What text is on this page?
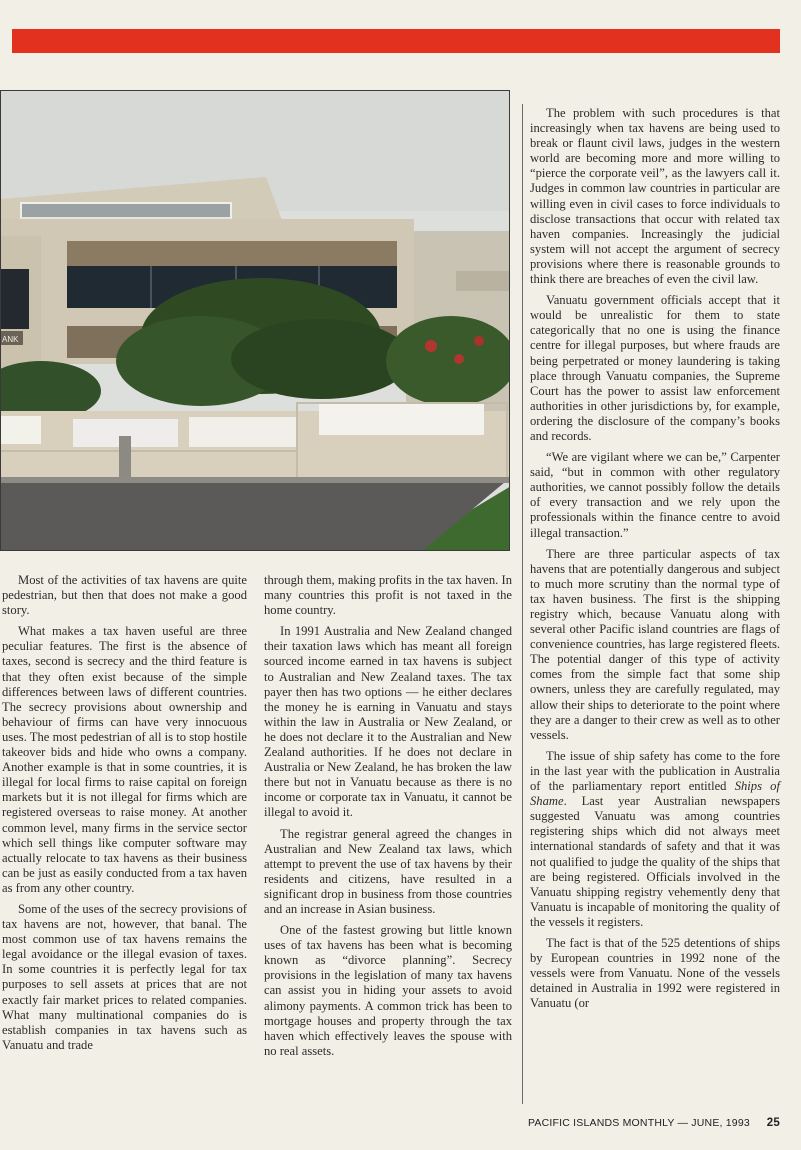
ANK

Most of the activities of tax havens are quite pedestrian, but then that does not make a good story.

What makes a tax haven useful are three peculiar features. The first is the absence of taxes, second is secrecy and the third feature is that they often exist because of the simple differences between laws of different countries. The secrecy provisions about ownership and behaviour of firms can have very innocuous uses. The most pedestrian of all is to stop hostile takeover bids and hide who owns a company. Another example is that in some countries, it is illegal for local firms to raise capital on foreign markets but it is not illegal for firms which are registered overseas to raise money. At another common level, many firms in the service sector which sell things like computer software may actually relocate to tax havens as their business can be just as easily conducted from a tax haven as from any other country.

Some of the uses of the secrecy provisions of tax havens are not, however, that banal. The most common use of tax havens remains the legal avoidance or the illegal evasion of taxes. In some countries it is perfectly legal for tax purposes to sell assets at prices that are not exactly fair market prices to related companies. What many multinational companies do is establish companies in tax havens such as Vanuatu and trade

through them, making profits in the tax haven. In many countries this profit is not taxed in the home country.

In 1991 Australia and New Zealand changed their taxation laws which has meant all foreign sourced income earned in tax havens is subject to Australian and New Zealand taxes. The tax payer then has two options — he either declares the money he is earning in Vanuatu and stays within the law in Australia or New Zealand, or he does not declare it to the Australian and New Zealand authorities. If he does not declare in Australia or New Zealand, he has broken the law there but not in Vanuatu because as there is no income or corporate tax in Vanuatu, it cannot be illegal to avoid it.

The registrar general agreed the changes in Australian and New Zealand tax laws, which attempt to prevent the use of tax havens by their residents and citizens, have resulted in a significant drop in business from those countries and an increase in Asian business.

One of the fastest growing but little known uses of tax havens has been what is becoming known as “divorce planning”. Secrecy provisions in the legislation of many tax havens can assist you in hiding your assets to avoid alimony payments. A common trick has been to mortgage houses and property through the tax haven which effectively leaves the spouse with no real assets.

The problem with such procedures is that increasingly when tax havens are being used to break or flaunt civil laws, judges in the western world are becoming more and more willing to “pierce the corporate veil”, as the lawyers call it. Judges in common law countries in particular are willing even in civil cases to force individuals to disclose transactions that occur with related tax haven companies. Increasingly the judicial system will not accept the argument of secrecy provisions where there is reasonable grounds to think there are breaches of even the civil law.

Vanuatu government officials accept that it would be unrealistic for them to state categorically that no one is using the finance centre for illegal purposes, but where frauds are being perpetrated or money laundering is taking place through Vanuatu companies, the Supreme Court has the power to assist law enforcement authorities in other jurisdictions by, for example, ordering the disclosure of the company’s books and records.

“We are vigilant where we can be,” Carpenter said, “but in common with other regulatory authorities, we cannot possibly follow the details of every transaction and we rely upon the professionals within the finance centre to avoid illegal transaction.”

There are three particular aspects of tax havens that are potentially dangerous and subject to much more scrutiny than the normal type of tax haven business. The first is the shipping registry which, because Vanuatu along with several other Pacific island countries are flags of convenience countries, has large registered fleets. The potential danger of this type of activity comes from the simple fact that some ship owners, unless they are carefully regulated, may allow their ships to deteriorate to the point where they are a danger to their crew as well as to other vessels.

The issue of ship safety has come to the fore in the last year with the publication in Australia of the parliamentary report entitled Ships of Shame. Last year Australian newspapers suggested Vanuatu was among countries registering ships which did not always meet international standards of safety and that it was not qualified to judge the quality of the ships that are being registered. Officials involved in the Vanuatu shipping registry vehemently deny that Vanuatu is incapable of monitoring the quality of the vessels it registers.

The fact is that of the 525 detentions of ships by European countries in 1992 none of the vessels were from Vanuatu. None of the vessels detained in Australia in 1992 were registered in Vanuatu (or

PACIFIC ISLANDS MONTHLY — JUNE, 1993 25
